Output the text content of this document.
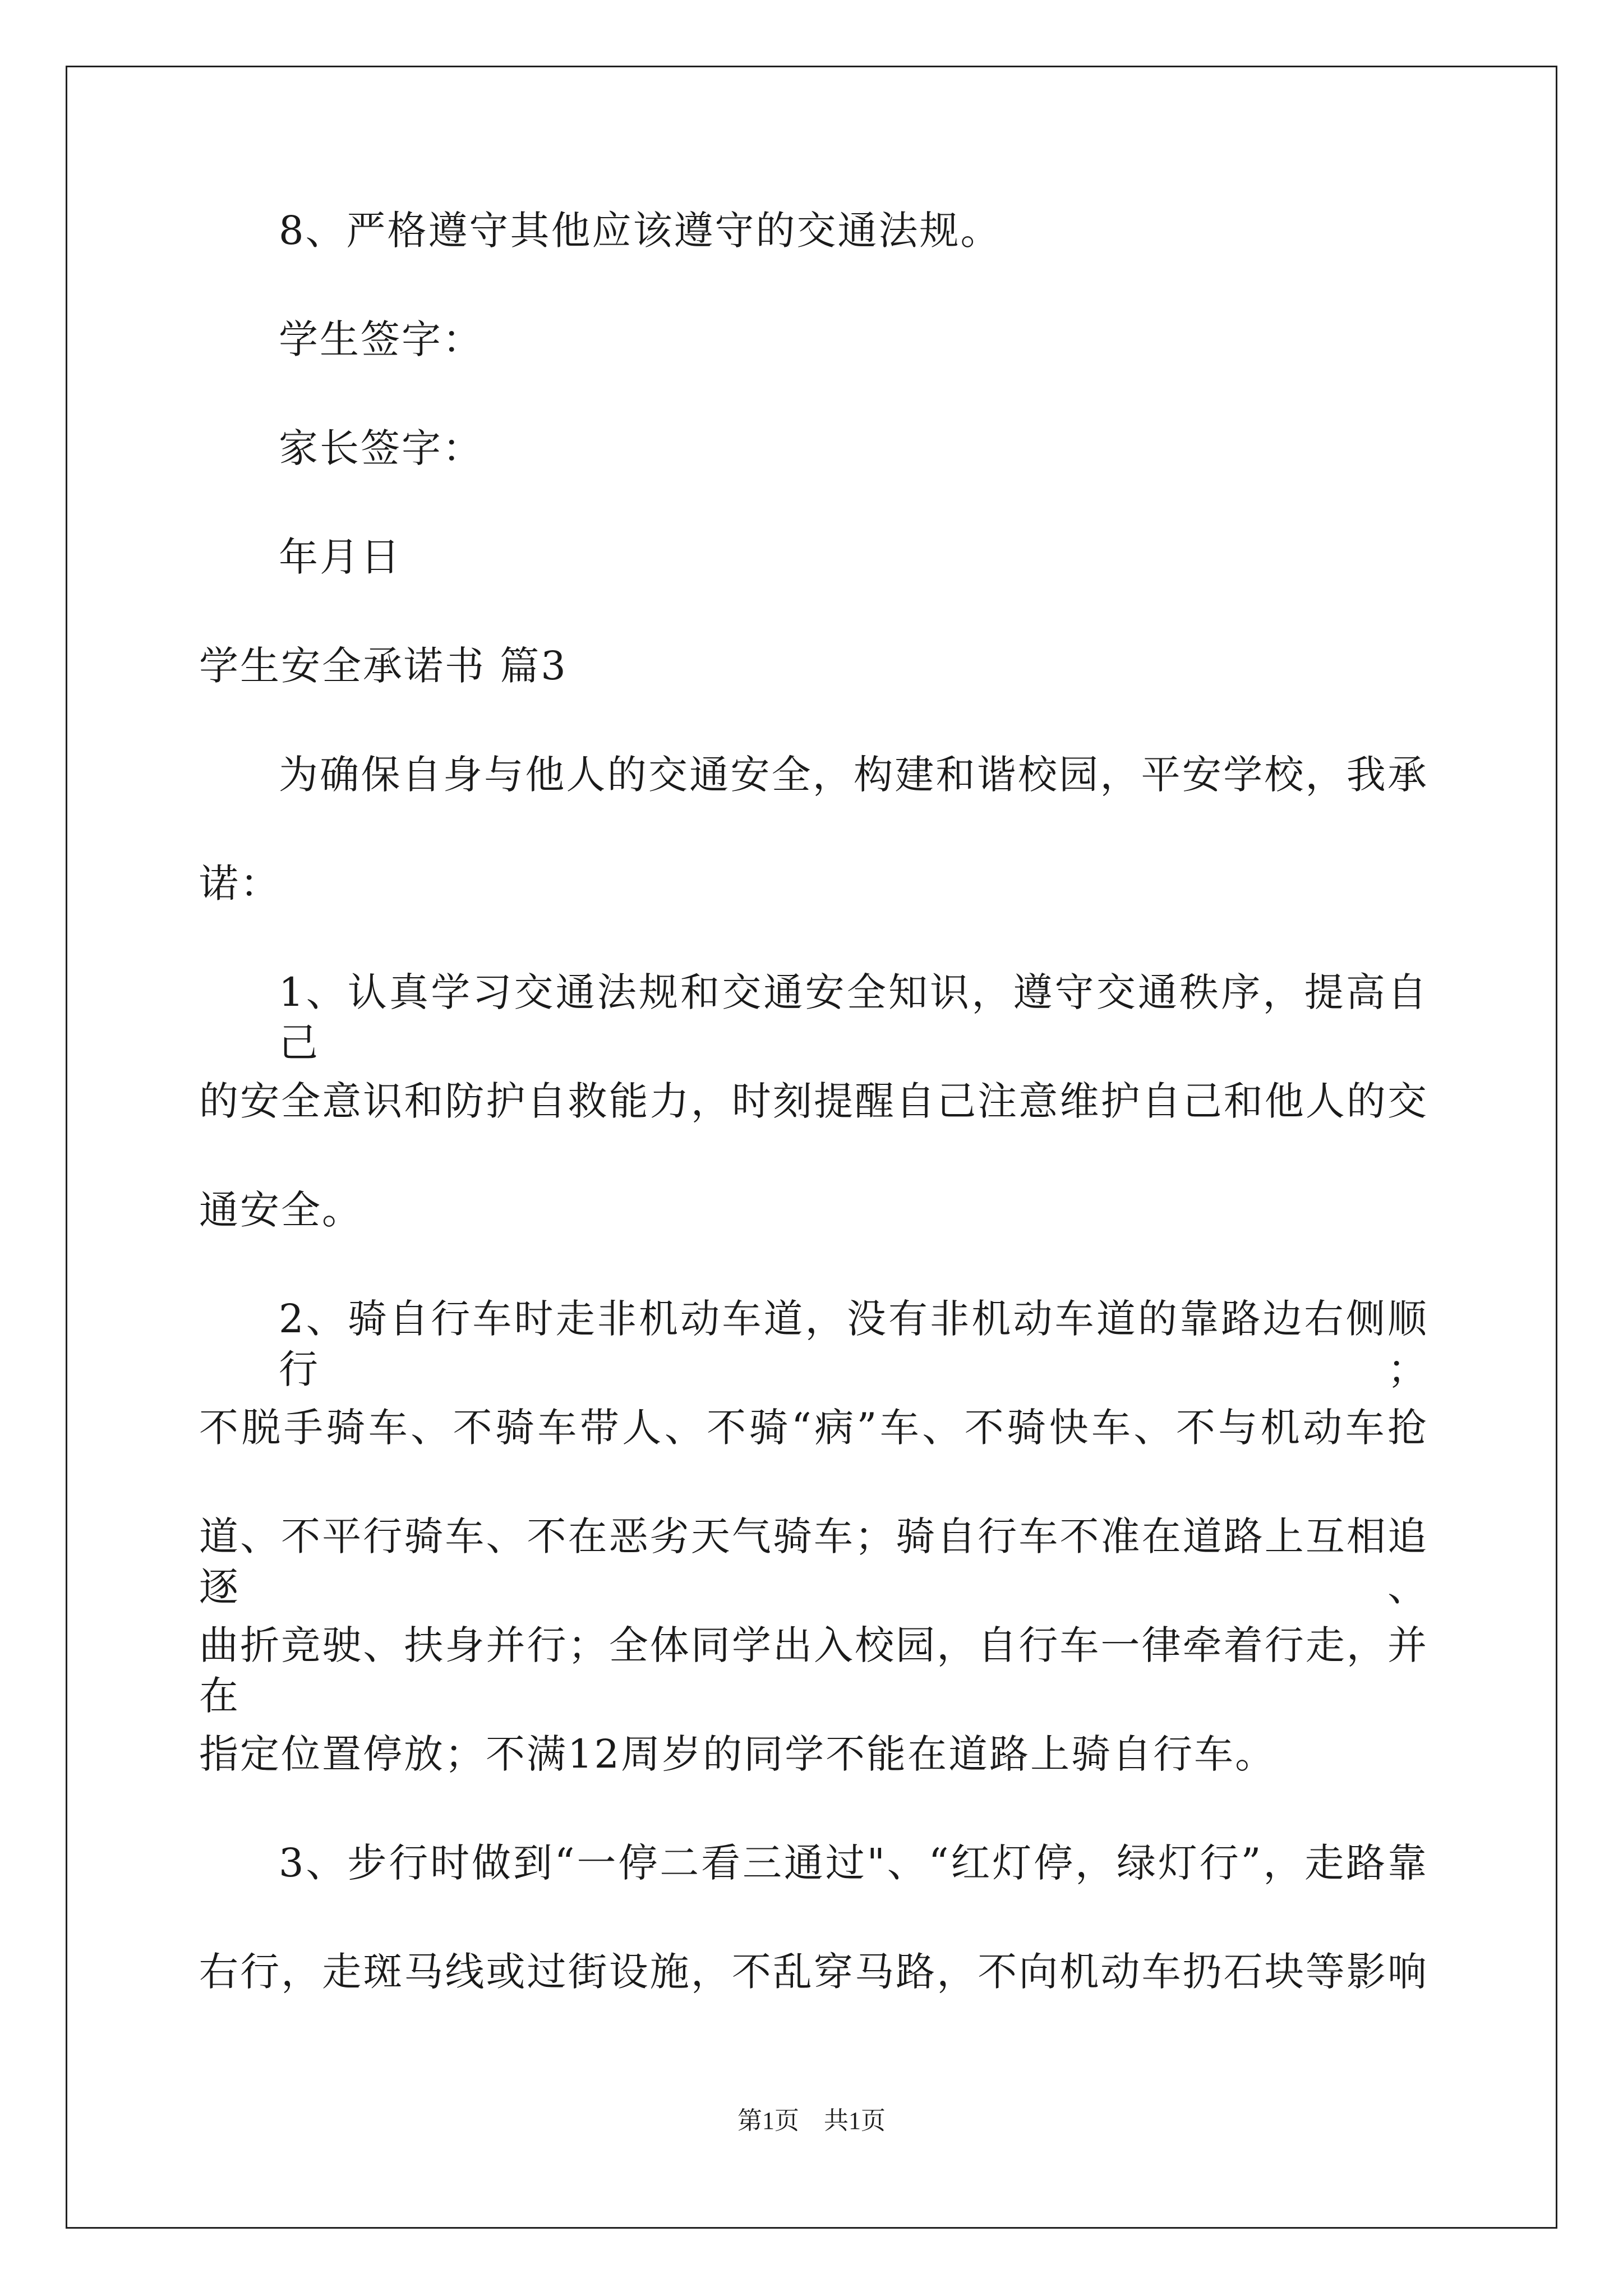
8、严格遵守其他应该遵守的交通法规。
学生签字：
家长签字：
年月日
学生安全承诺书 篇3
为确保自身与他人的交通安全，构建和谐校园，平安学校，我承
诺：
1、认真学习交通法规和交通安全知识，遵守交通秩序，提高自己
的安全意识和防护自救能力，时刻提醒自己注意维护自己和他人的交
通安全。
2、骑自行车时走非机动车道，没有非机动车道的靠路边右侧顺行；
不脱手骑车、不骑车带人、不骑“病”车、不骑快车、不与机动车抢
道、不平行骑车、不在恶劣天气骑车；骑自行车不准在道路上互相追逐、
曲折竞驶、扶身并行；全体同学出入校园，自行车一律牵着行走，并在
指定位置停放；不满12周岁的同学不能在道路上骑自行车。
3、步行时做到“一停二看三通过"、“红灯停，绿灯行”，走路靠
右行，走斑马线或过街设施，不乱穿马路，不向机动车扔石块等影响
第1页　共1页
